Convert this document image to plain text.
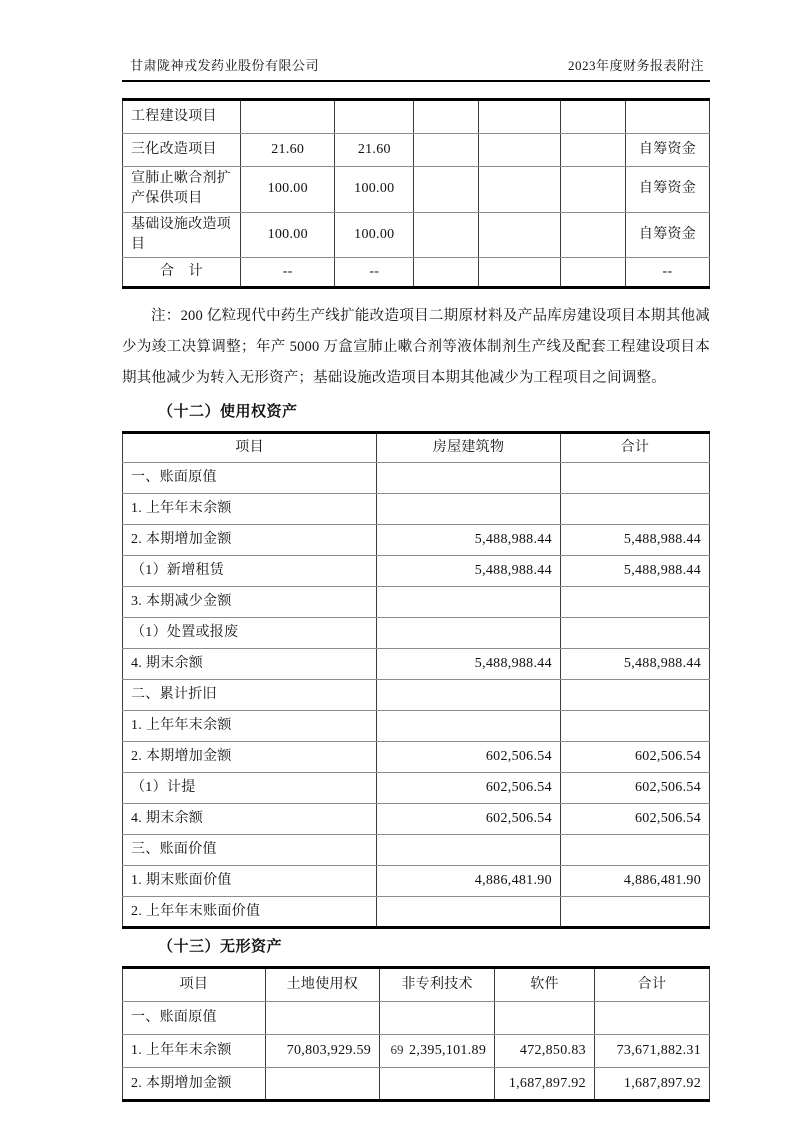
甘肃陇神戎发药业股份有限公司	2023年度财务报表附注
工程建设项目						
三化改造项目	21.60	21.60				自筹资金
宣肺止嗽合剂扩产保供项目	100.00	100.00				自筹资金
基础设施改造项目	100.00	100.00				自筹资金
合　计	--	--				--

注：200 亿粒现代中药生产线扩能改造项目二期原材料及产品库房建设项目本期其他减少为竣工决算调整；年产 5000 万盒宣肺止嗽合剂等液体制剂生产线及配套工程建设项目本期其他减少为转入无形资产；基础设施改造项目本期其他减少为工程项目之间调整。

（十二）使用权资产
项目	房屋建筑物	合计
一、账面原值		
1. 上年年末余额		
2. 本期增加金额	5,488,988.44	5,488,988.44
（1）新增租赁	5,488,988.44	5,488,988.44
3. 本期减少金额		
（1）处置或报废		
4. 期末余额	5,488,988.44	5,488,988.44
二、累计折旧		
1. 上年年末余额		
2. 本期增加金额	602,506.54	602,506.54
（1）计提	602,506.54	602,506.54
4. 期末余额	602,506.54	602,506.54
三、账面价值		
1. 期末账面价值	4,886,481.90	4,886,481.90
2. 上年年末账面价值		
（十三）无形资产
项目	土地使用权	非专利技术	软件	合计
一、账面原值				
1. 上年年末余额	70,803,929.59	2,395,101.89	472,850.83	73,671,882.31
2. 本期增加金额			1,687,897.92	1,687,897.92
69
